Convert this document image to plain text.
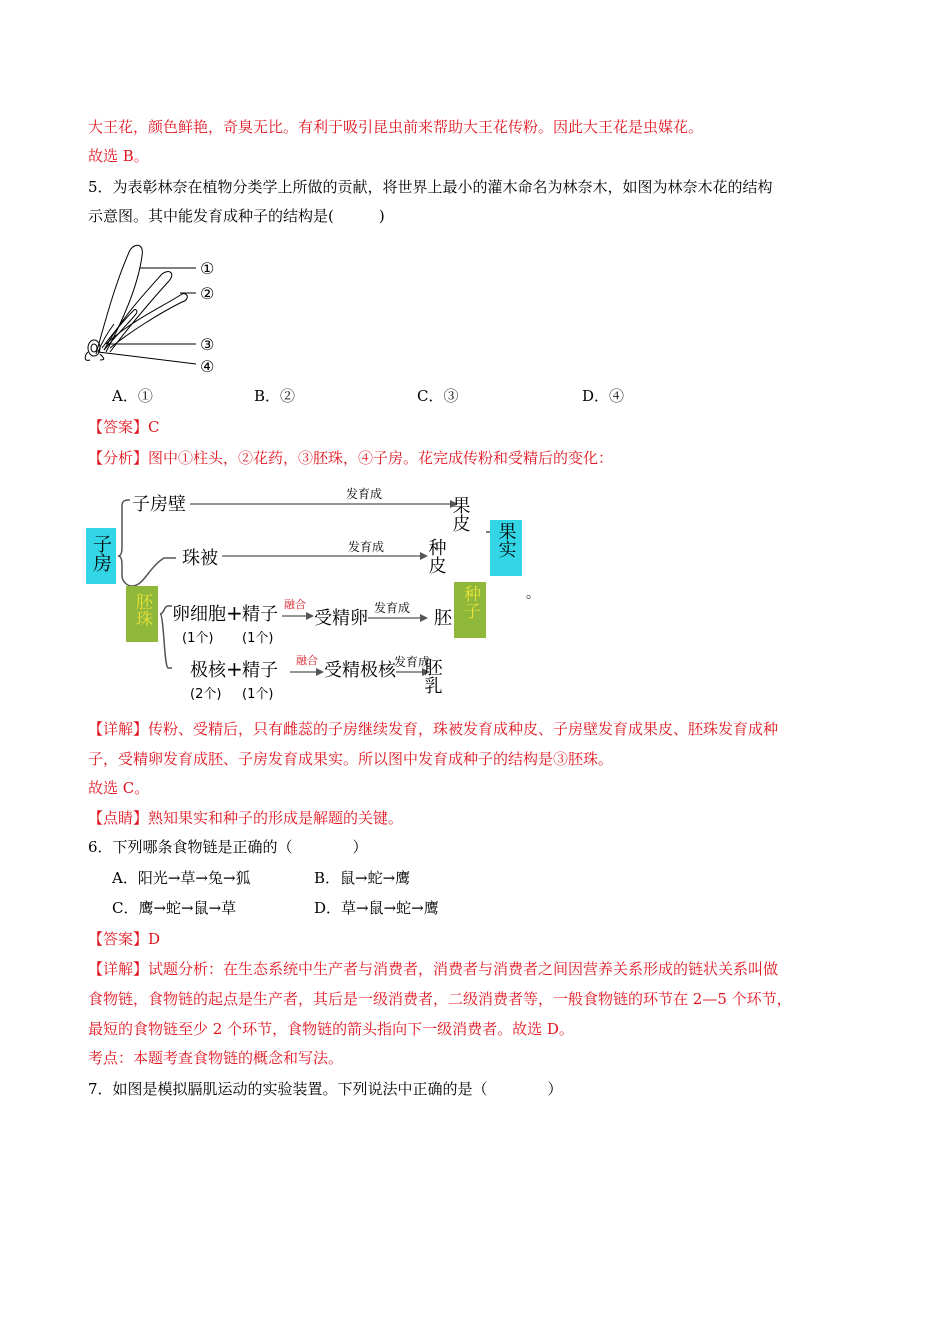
大王花，颜色鲜艳，奇臭无比。有利于吸引昆虫前来帮助大王花传粉。因此大王花是虫媒花。
故选 B。
5．为表彰林奈在植物分类学上所做的贡献，将世界上最小的灌木命名为林奈木，如图为林奈木花的结构
示意图。其中能发育成种子的结构是(　　　)
①
②
③
④
A．①	B．②	C．③	D．④
【答案】C
【分析】图中①柱头，②花药，③胚珠，④子房。花完成传粉和受精后的变化：
子房
子房壁	发育成
果皮
珠被
发育成 种皮
胚珠 卵细胞 + 精子
(1个) (1个)
融合
受精卵 发育成 胚 种子
果实
。
极核 + 精子
(2个) (1个)
融合 受精极核
发育成
胚乳
【详解】传粉、受精后，只有雌蕊的子房继续发育，珠被发育成种皮、子房壁发育成果皮、胚珠发育成种
子，受精卵发育成胚、子房发育成果实。所以图中发育成种子的结构是③胚珠。
故选 C。
【点睛】熟知果实和种子的形成是解题的关键。
6．下列哪条食物链是正确的（　　　　）
A．阳光→草→兔→狐	B．鼠→蛇→鹰
C．鹰→蛇→鼠→草	D．草→鼠→蛇→鹰
【答案】D
【详解】试题分析：在生态系统中生产者与消费者，消费者与消费者之间因营养关系形成的链状关系叫做
食物链，食物链的起点是生产者，其后是一级消费者，二级消费者等，一般食物链的环节在 2—5 个环节，
最短的食物链至少 2 个环节，食物链的箭头指向下一级消费者。故选 D。
考点：本题考查食物链的概念和写法。
7．如图是模拟膈肌运动的实验装置。下列说法中正确的是（　　　　）
